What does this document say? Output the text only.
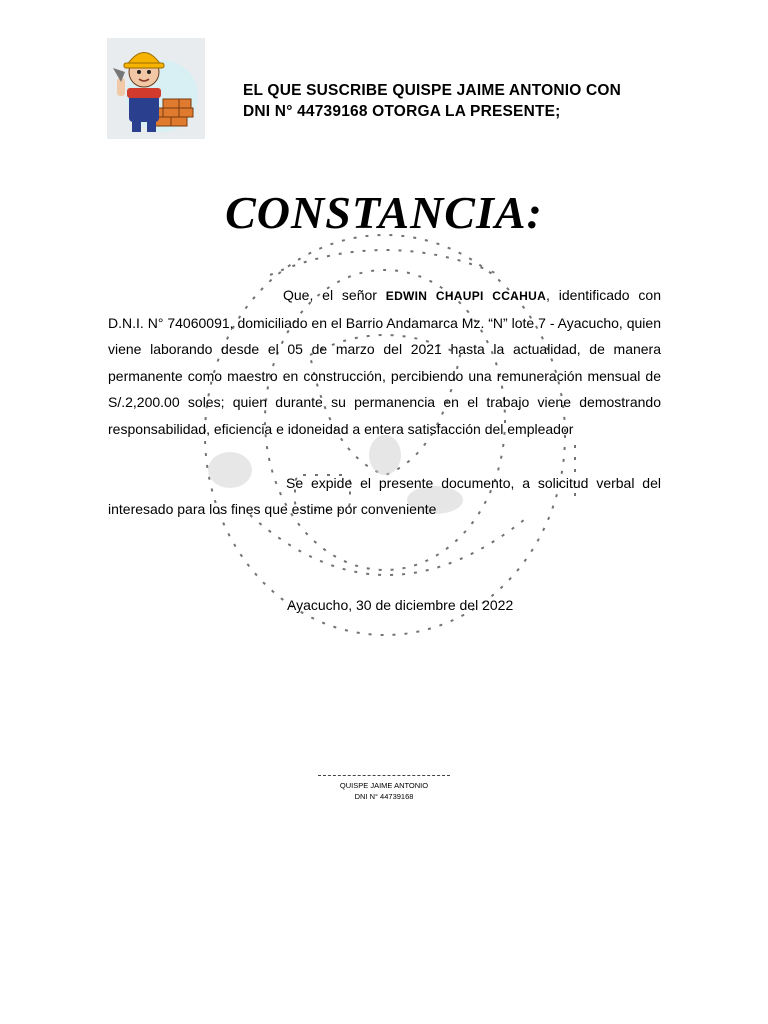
EL QUE SUSCRIBE QUISPE JAIME ANTONIO CON
DNI N° 44739168 OTORGA LA PRESENTE;
CONSTANCIA:

Que, el señor EDWIN CHAUPI CCAHUA, identificado con D.N.I. N° 74060091, domiciliado en el Barrio Andamarca Mz. “N” lote 7 - Ayacucho, quien viene laborando desde el 05 de marzo del 2021 hasta la actualidad, de manera permanente como maestro en construcción, percibiendo una remuneración mensual de S/.2,200.00 soles; quien durante su permanencia en el trabajo viene demostrando responsabilidad, eficiencia e idoneidad a entera satisfacción del empleador

Se expide el presente documento, a solicitud verbal del interesado para los fines que estime por conveniente

Ayacucho, 30 de diciembre del 2022
QUISPE JAIME ANTONIO
DNI N° 44739168
